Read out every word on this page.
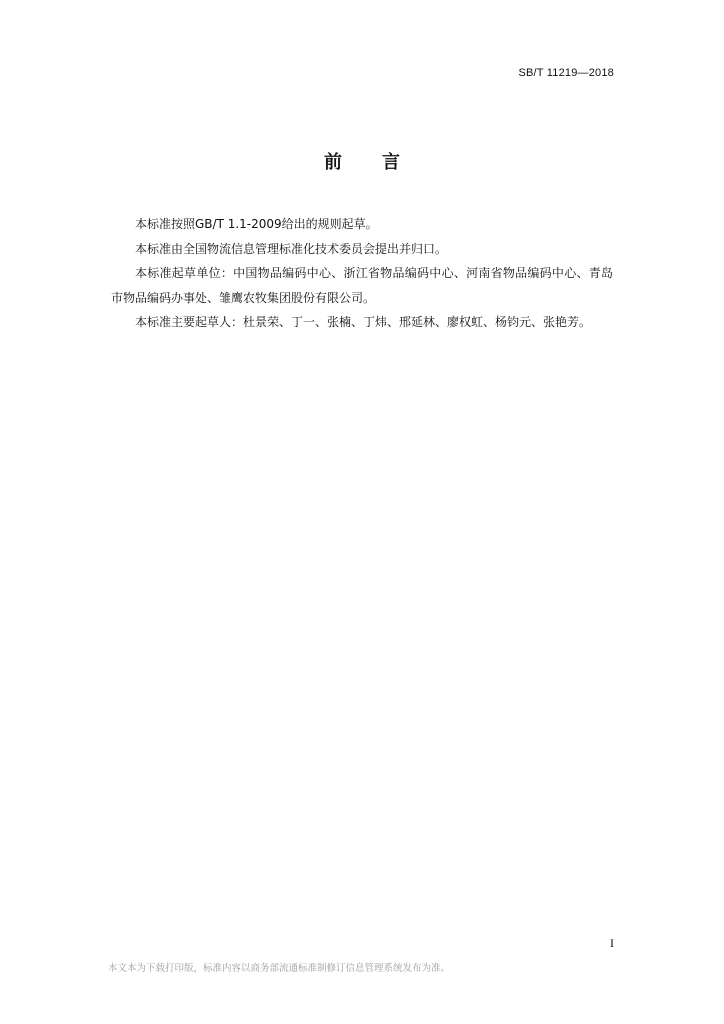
SB/T 11219—2018
前言

本标准按照GB/T 1.1-2009给出的规则起草。

本标准由全国物流信息管理标准化技术委员会提出并归口。

本标准起草单位：中国物品编码中心、浙江省物品编码中心、河南省物品编码中心、青岛市物品编码办事处、雏鹰农牧集团股份有限公司。

本标准主要起草人：杜景荣、丁一、张楠、丁炜、邢延林、廖权虹、杨钧元、张艳芳。

I
本文本为下载打印版，标准内容以商务部流通标准制修订信息管理系统发布为准。
